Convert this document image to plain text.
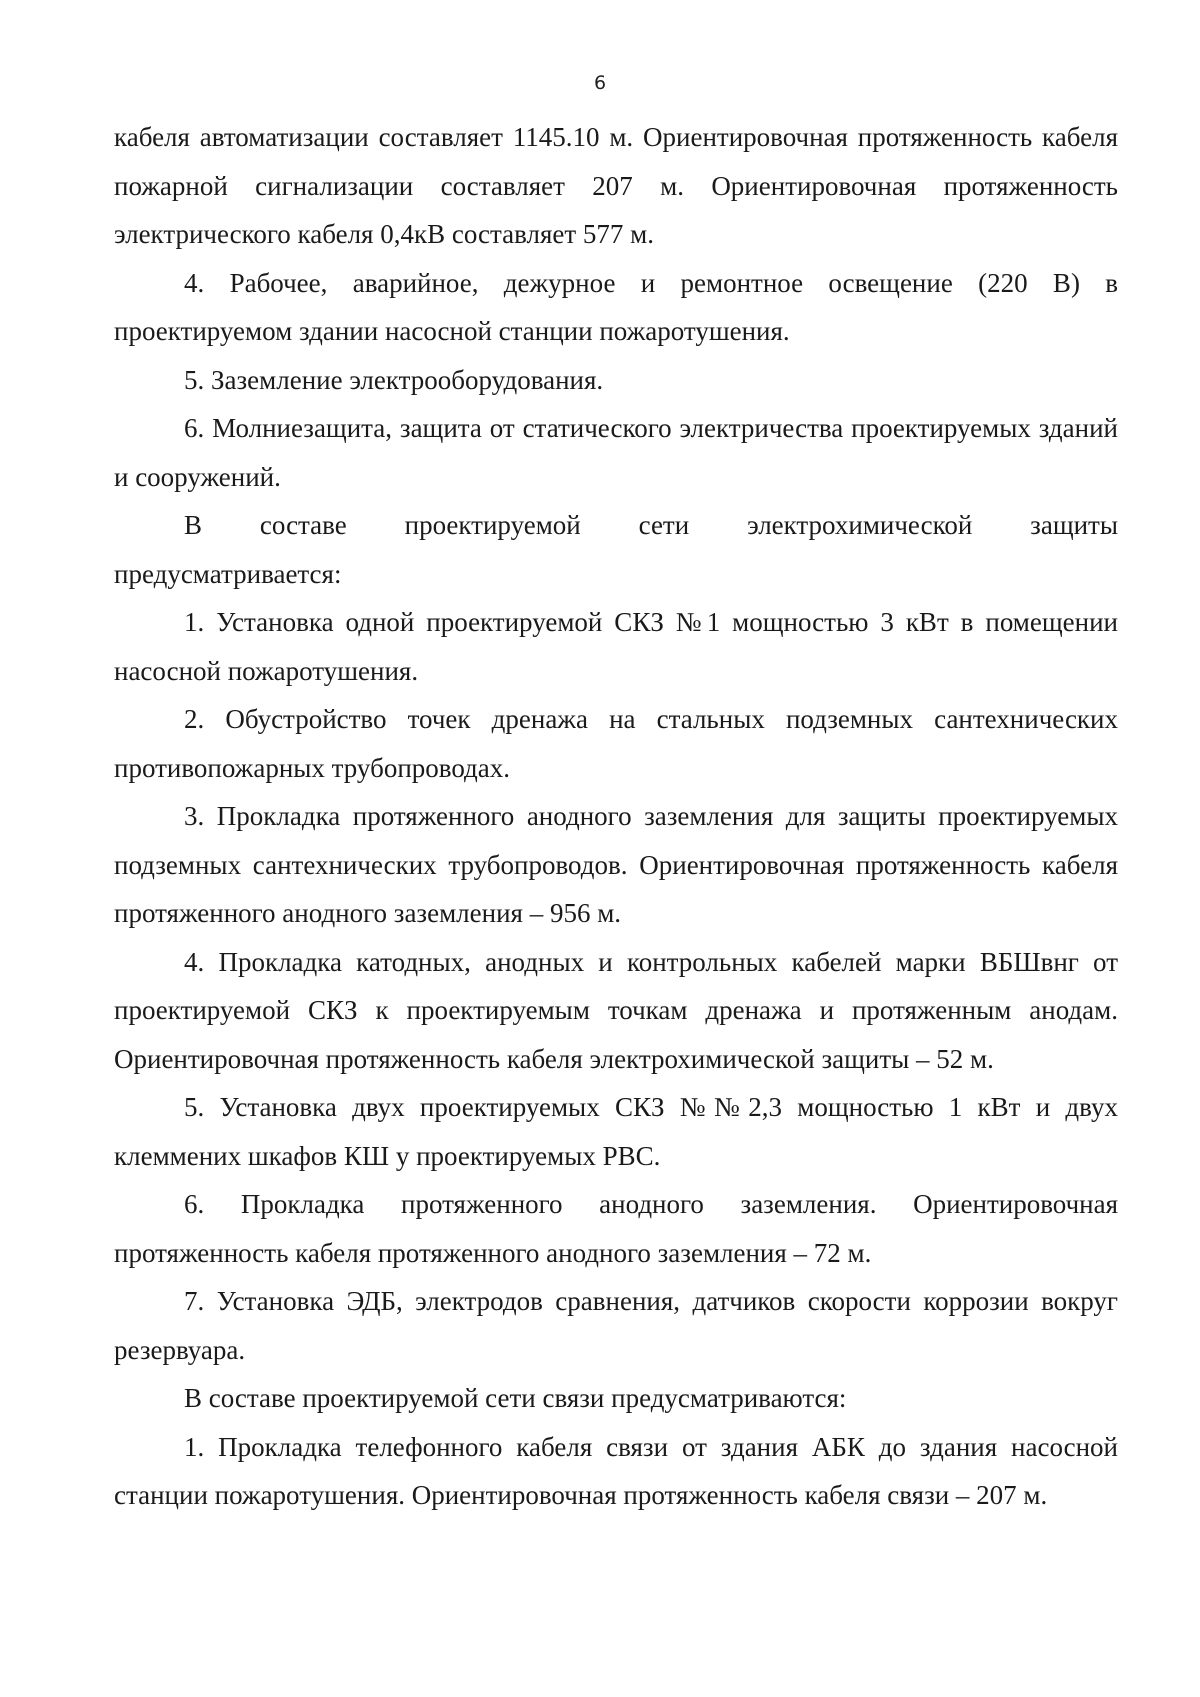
6

кабеля автоматизации составляет 1145.10 м. Ориентировочная протяженность кабеля пожарной сигнализации составляет 207 м. Ориентировочная протяженность электрического кабеля 0,4кВ составляет 577 м.

4. Рабочее, аварийное, дежурное и ремонтное освещение (220 В) в проектируемом здании насосной станции пожаротушения.

5. Заземление электрооборудования.

6. Молниезащита, защита от статического электричества проектируемых зданий и сооружений.

В составе проектируемой сети электрохимической защиты

предусматривается:

1. Установка одной проектируемой СКЗ №1 мощностью 3 кВт в помещении насосной пожаротушения.

2. Обустройство точек дренажа на стальных подземных сантехнических противопожарных трубопроводах.

3. Прокладка протяженного анодного заземления для защиты проектируемых подземных сантехнических трубопроводов. Ориентировочная протяженность кабеля протяженного анодного заземления – 956 м.

4. Прокладка катодных, анодных и контрольных кабелей марки ВБШвнг от проектируемой СКЗ к проектируемым точкам дренажа и протяженным анодам. Ориентировочная протяженность кабеля электрохимической защиты – 52 м.

5. Установка двух проектируемых СКЗ №№2,3 мощностью 1 кВт и двух клеммених шкафов КШ у проектируемых РВС.

6. Прокладка протяженного анодного заземления. Ориентировочная протяженность кабеля протяженного анодного заземления – 72 м.

7. Установка ЭДБ, электродов сравнения, датчиков скорости коррозии вокруг резервуара.

В составе проектируемой сети связи предусматриваются:

1. Прокладка телефонного кабеля связи от здания АБК до здания насосной станции пожаротушения. Ориентировочная протяженность кабеля связи – 207 м.
